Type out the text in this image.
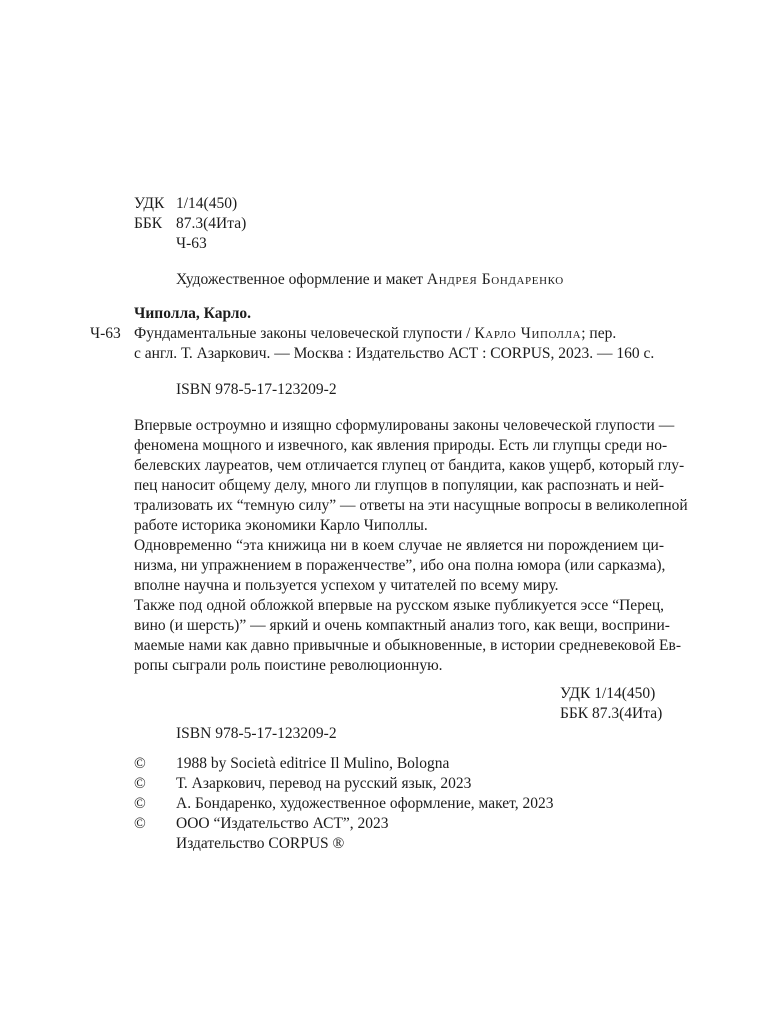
УДК 1/14(450)
ББК 87.3(4Ита)
Ч-63
Художественное оформление и макет Андрея Бондаренко
Чиполла, Карло.
Ч-63 Фундаментальные законы человеческой глупости / Карло Чиполла; пер.
с англ. Т. Азаркович. — Москва : Издательство АСТ : CORPUS, 2023. — 160 с.
ISBN 978-5-17-123209-2
Впервые остроумно и изящно сформулированы законы человеческой глупости —
феномена мощного и извечного, как явления природы. Есть ли глупцы среди но-
белевских лауреатов, чем отличается глупец от бандита, каков ущерб, который глу-
пец наносит общему делу, много ли глупцов в популяции, как распознать и ней-
трализовать их “темную силу” — ответы на эти насущные вопросы в великолепной
работе историка экономики Карло Чиполлы.
Одновременно “эта книжица ни в коем случае не является ни порождением ци-
низма, ни упражнением в пораженчестве”, ибо она полна юмора (или сарказма),
вполне научна и пользуется успехом у читателей по всему миру.
Также под одной обложкой впервые на русском языке публикуется эссе “Перец,
вино (и шерсть)” — яркий и очень компактный анализ того, как вещи, восприни-
маемые нами как давно привычные и обыкновенные, в истории средневековой Ев-
ропы сыграли роль поистине революционную.
УДК 1/14(450)
ББК 87.3(4Ита)
ISBN 978-5-17-123209-2
© 1988 by Società editrice Il Mulino, Bologna
© Т. Азаркович, перевод на русский язык, 2023
© А. Бондаренко, художественное оформление, макет, 2023
© ООО “Издательство АСТ”, 2023
Издательство CORPUS ®
